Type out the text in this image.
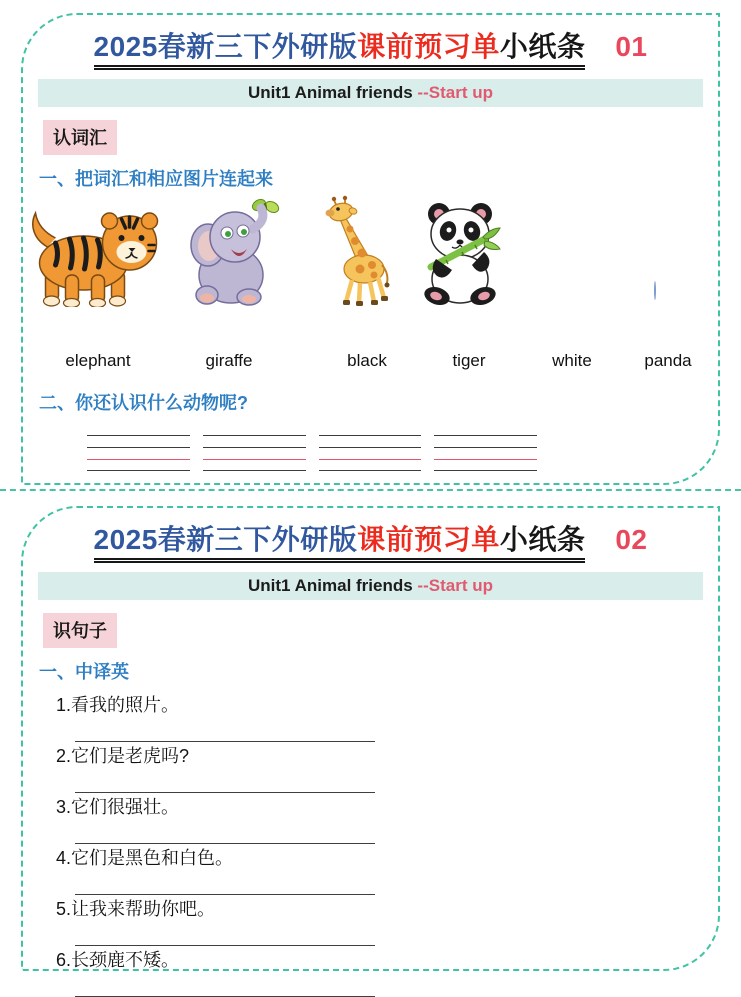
2025春新三下外研版课前预习单小纸条 01
Unit1 Animal friends --Start up
认词汇
一、把词汇和相应图片连起来
elephant	giraffe	black	tiger	white	panda
二、你还认识什么动物呢?
2025春新三下外研版课前预习单小纸条 02
Unit1 Animal friends --Start up
识句子
一、中译英
1.看我的照片。
2.它们是老虎吗?
3.它们很强壮。
4.它们是黑色和白色。
5.让我来帮助你吧。
6.长颈鹿不矮。
